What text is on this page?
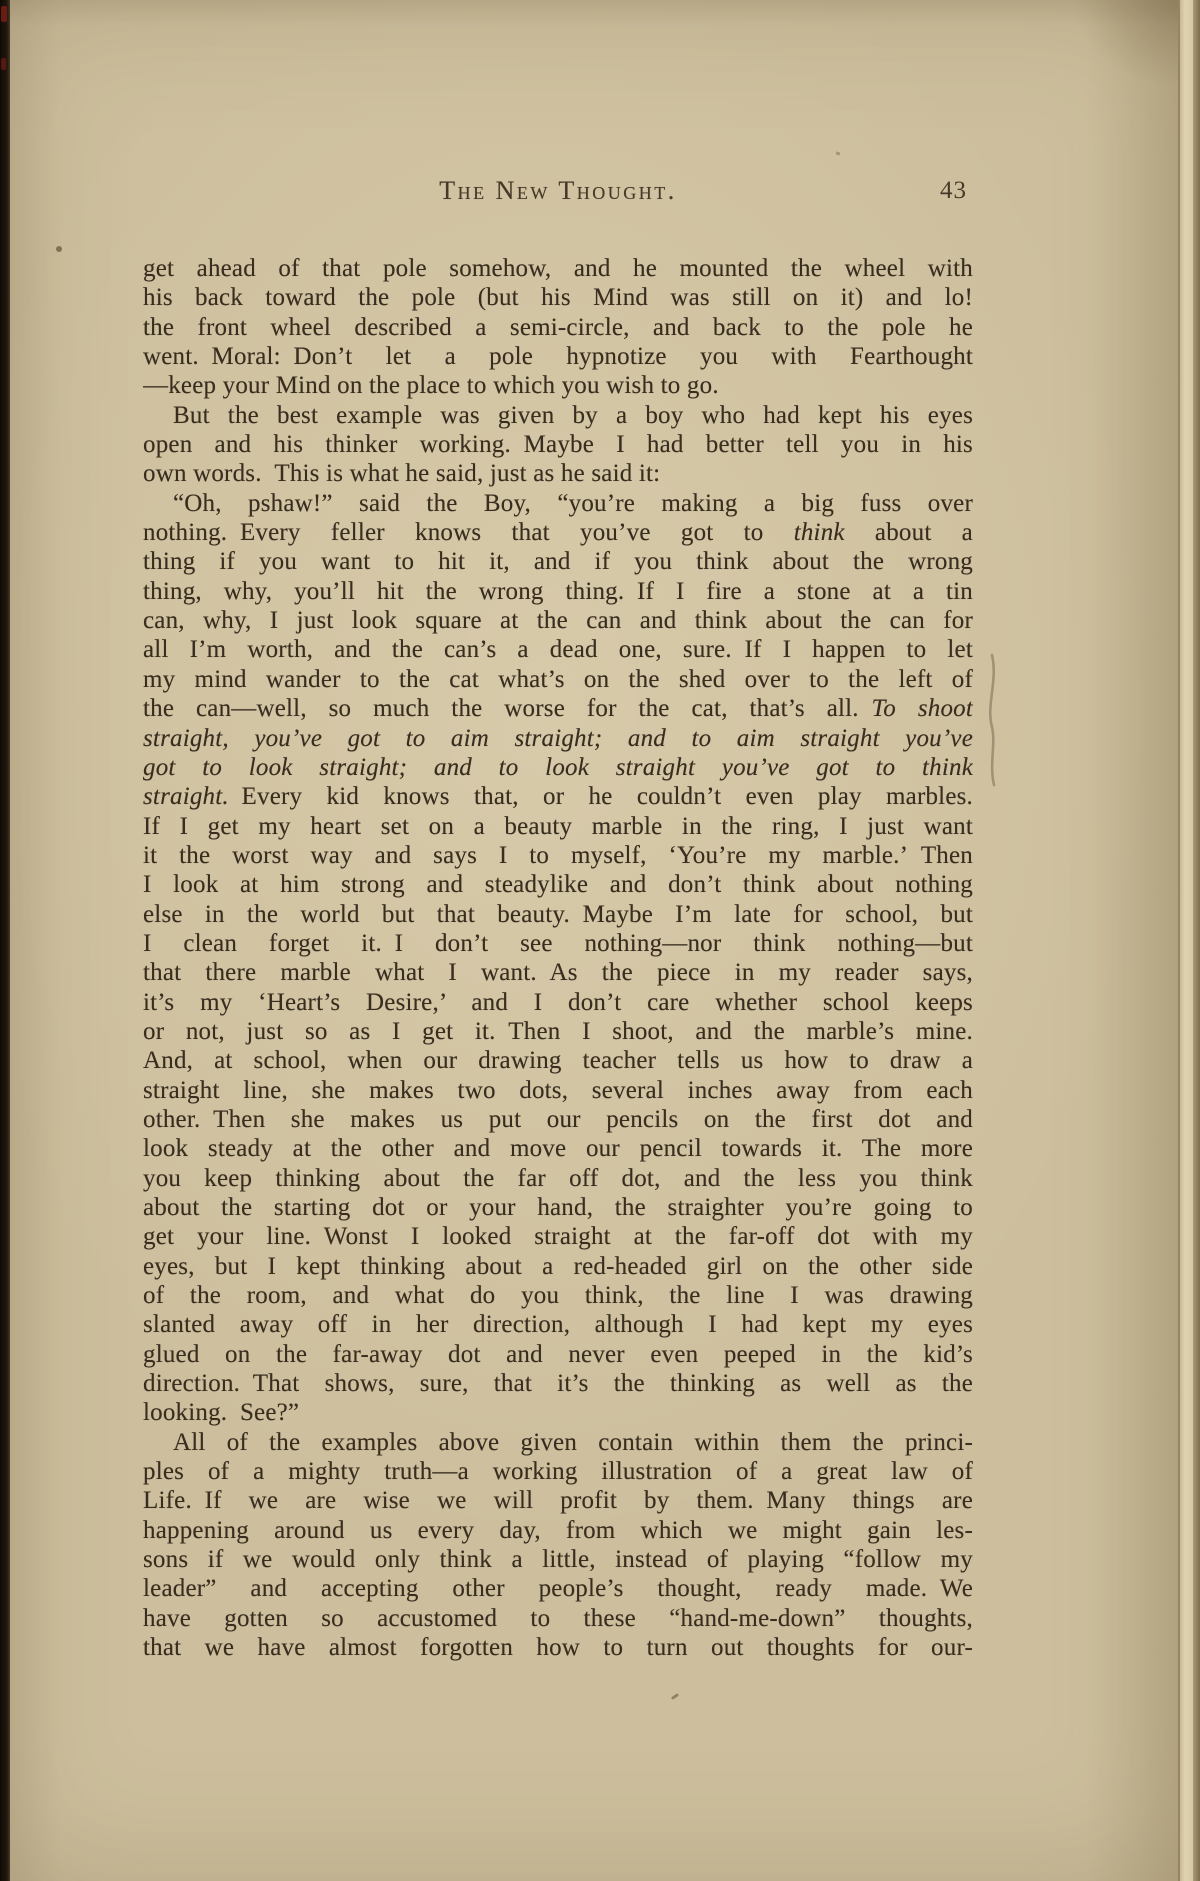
The New Thought.	43
get ahead of that pole somehow, and he mounted the wheel with
his back toward the pole (but his Mind was still on it) and lo!
the front wheel described a semi-circle, and back to the pole he
went. Moral: Don’t let a pole hypnotize you with Fearthought
—keep your Mind on the place to which you wish to go.
But the best example was given by a boy who had kept his eyes
open and his thinker working. Maybe I had better tell you in his
own words. This is what he said, just as he said it:
“Oh, pshaw!” said the Boy, “you’re making a big fuss over
nothing. Every feller knows that you’ve got to think about a
thing if you want to hit it, and if you think about the wrong
thing, why, you’ll hit the wrong thing. If I fire a stone at a tin
can, why, I just look square at the can and think about the can for
all I’m worth, and the can’s a dead one, sure. If I happen to let
my mind wander to the cat what’s on the shed over to the left of
the can—well, so much the worse for the cat, that’s all. To shoot
straight, you’ve got to aim straight; and to aim straight you’ve
got to look straight; and to look straight you’ve got to think
straight. Every kid knows that, or he couldn’t even play marbles.
If I get my heart set on a beauty marble in the ring, I just want
it the worst way and says I to myself, ‘You’re my marble.’ Then
I look at him strong and steadylike and don’t think about nothing
else in the world but that beauty. Maybe I’m late for school, but
I clean forget it. I don’t see nothing—nor think nothing—but
that there marble what I want. As the piece in my reader says,
it’s my ‘Heart’s Desire,’ and I don’t care whether school keeps
or not, just so as I get it. Then I shoot, and the marble’s mine.
And, at school, when our drawing teacher tells us how to draw a
straight line, she makes two dots, several inches away from each
other. Then she makes us put our pencils on the first dot and
look steady at the other and move our pencil towards it. The more
you keep thinking about the far off dot, and the less you think
about the starting dot or your hand, the straighter you’re going to
get your line. Wonst I looked straight at the far-off dot with my
eyes, but I kept thinking about a red-headed girl on the other side
of the room, and what do you think, the line I was drawing
slanted away off in her direction, although I had kept my eyes
glued on the far-away dot and never even peeped in the kid’s
direction. That shows, sure, that it’s the thinking as well as the
looking. See?”
All of the examples above given contain within them the princi-
ples of a mighty truth—a working illustration of a great law of
Life. If we are wise we will profit by them. Many things are
happening around us every day, from which we might gain les-
sons if we would only think a little, instead of playing “follow my
leader” and accepting other people’s thought, ready made. We
have gotten so accustomed to these “hand-me-down” thoughts,
that we have almost forgotten how to turn out thoughts for our-
